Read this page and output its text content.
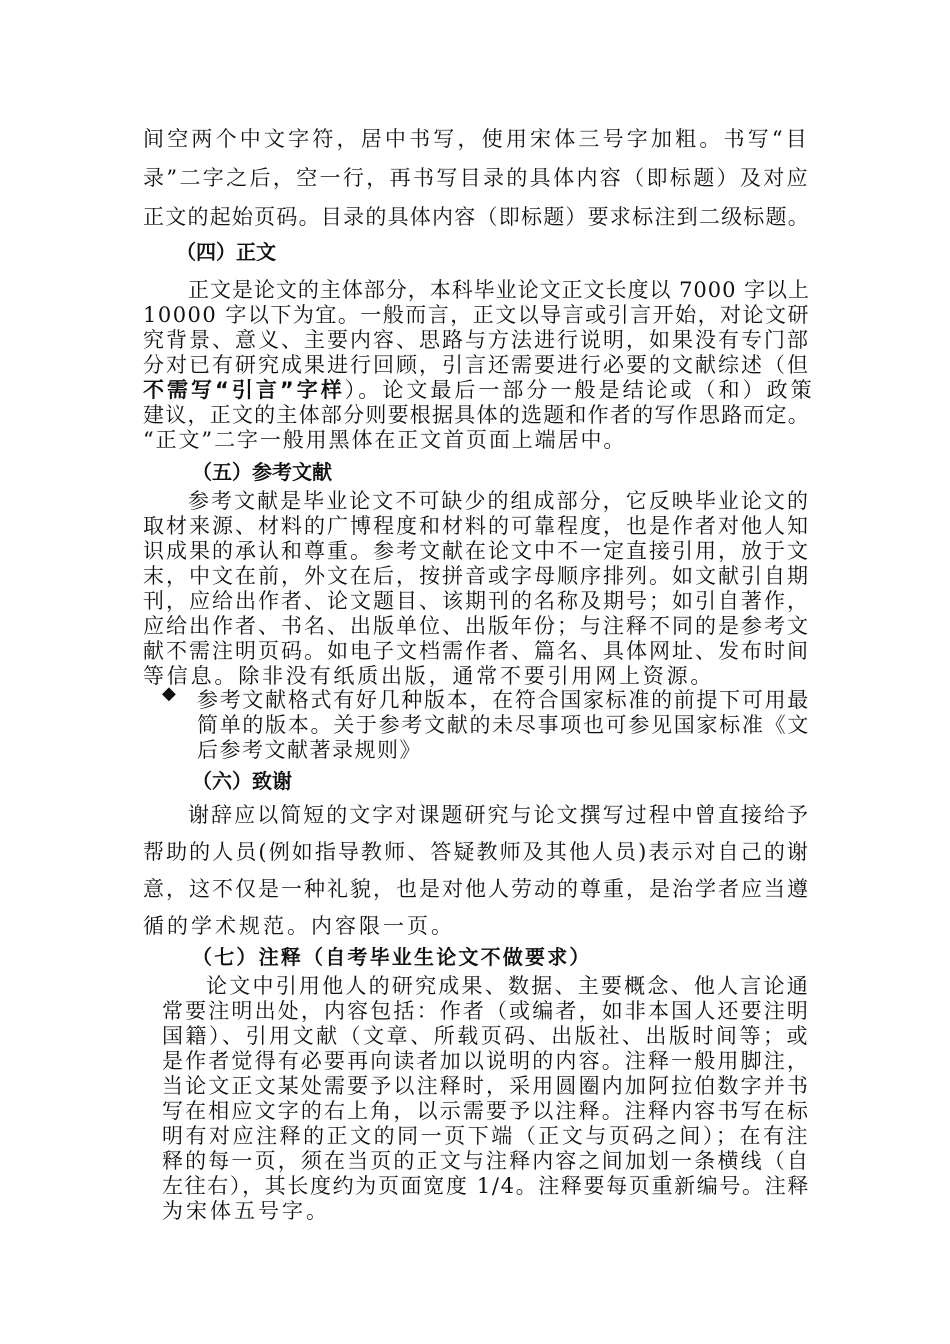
间空两个中文字符，居中书写，使用宋体三号字加粗。书写“目
录”二字之后，空一行，再书写目录的具体内容（即标题）及对应
正文的起始页码。目录的具体内容（即标题）要求标注到二级标题。
（四）正文
正文是论文的主体部分，本科毕业论文正文长度以 7000 字以上
10000 字以下为宜。一般而言，正文以导言或引言开始，对论文研
究背景、意义、主要内容、思路与方法进行说明，如果没有专门部
分对已有研究成果进行回顾，引言还需要进行必要的文献综述（但
不需写“引言”字样）。论文最后一部分一般是结论或（和）政策
建议，正文的主体部分则要根据具体的选题和作者的写作思路而定。
“正文”二字一般用黑体在正文首页面上端居中。
（五）参考文献
参考文献是毕业论文不可缺少的组成部分，它反映毕业论文的
取材来源、材料的广博程度和材料的可靠程度，也是作者对他人知
识成果的承认和尊重。参考文献在论文中不一定直接引用，放于文
末，中文在前，外文在后，按拼音或字母顺序排列。如文献引自期
刊，应给出作者、论文题目、该期刊的名称及期号；如引自著作，
应给出作者、书名、出版单位、出版年份；与注释不同的是参考文
献不需注明页码。如电子文档需作者、篇名、具体网址、发布时间
等信息。除非没有纸质出版，通常不要引用网上资源。
◆ 参考文献格式有好几种版本，在符合国家标准的前提下可用最
简单的版本。关于参考文献的未尽事项也可参见国家标准《文
后参考文献著录规则》
（六）致谢
谢辞应以简短的文字对课题研究与论文撰写过程中曾直接给予
帮助的人员(例如指导教师、答疑教师及其他人员)表示对自己的谢
意，这不仅是一种礼貌，也是对他人劳动的尊重，是治学者应当遵
循的学术规范。内容限一页。
（七）注释（自考毕业生论文不做要求）
论文中引用他人的研究成果、数据、主要概念、他人言论通
常要注明出处，内容包括：作者（或编者，如非本国人还要注明
国籍）、引用文献（文章、所载页码、出版社、出版时间等；或
是作者觉得有必要再向读者加以说明的内容。注释一般用脚注，
当论文正文某处需要予以注释时，采用圆圈内加阿拉伯数字并书
写在相应文字的右上角，以示需要予以注释。注释内容书写在标
明有对应注释的正文的同一页下端（正文与页码之间）；在有注
释的每一页，须在当页的正文与注释内容之间加划一条横线（自
左往右），其长度约为页面宽度 1/4。注释要每页重新编号。注释
为宋体五号字。
